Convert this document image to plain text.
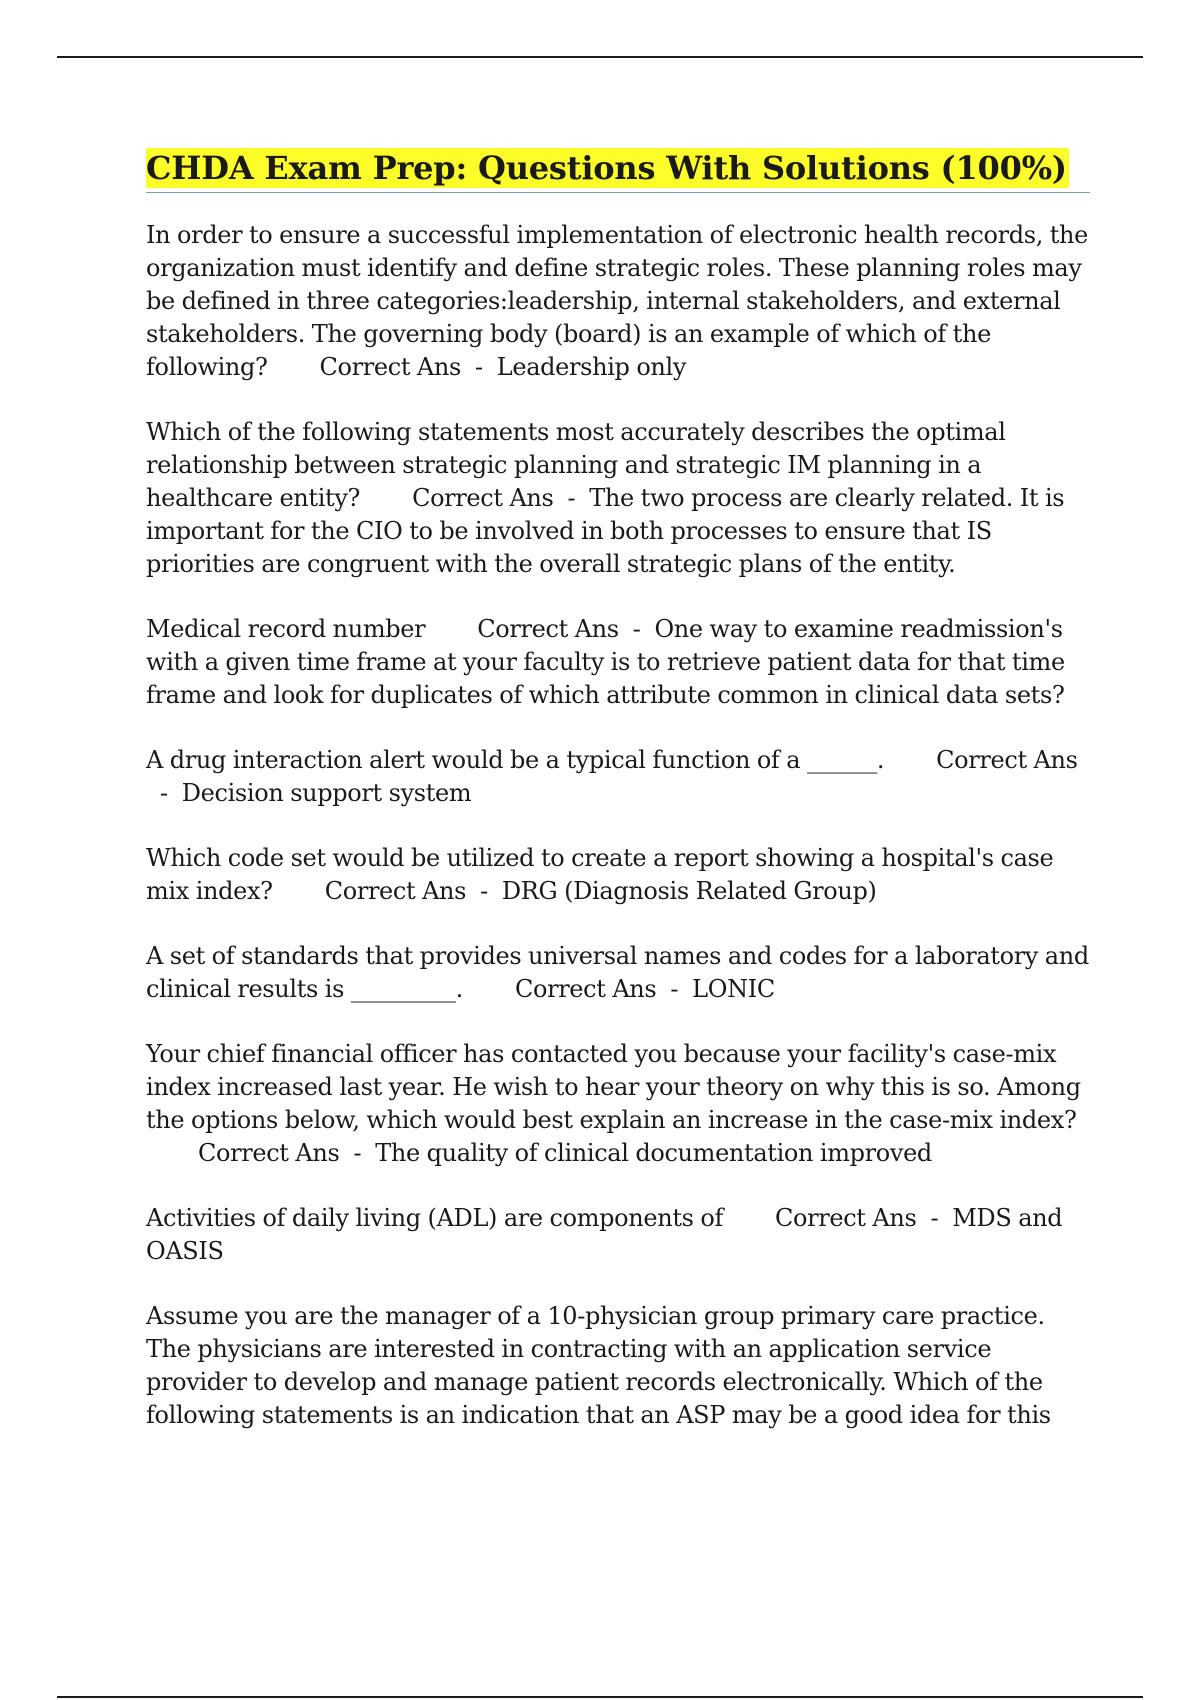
CHDA Exam Prep: Questions With Solutions (100%)

In order to ensure a successful implementation of electronic health records, the organization must identify and define strategic roles. These planning roles may be defined in three categories:leadership, internal stakeholders, and external stakeholders. The governing body (board) is an example of which of the following? Correct Ans - Leadership only

Which of the following statements most accurately describes the optimal relationship between strategic planning and strategic IM planning in a healthcare entity? Correct Ans - The two process are clearly related. It is important for the CIO to be involved in both processes to ensure that IS priorities are congruent with the overall strategic plans of the entity.

Medical record number Correct Ans - One way to examine readmission's with a given time frame at your faculty is to retrieve patient data for that time frame and look for duplicates of which attribute common in clinical data sets?

A drug interaction alert would be a typical function of a ______. Correct Ans- Decision support system

Which code set would be utilized to create a report showing a hospital's case mix index? Correct Ans - DRG (Diagnosis Related Group)

A set of standards that provides universal names and codes for a laboratory and clinical results is _________. Correct Ans - LONIC

Your chief financial officer has contacted you because your facility's case-mix index increased last year. He wish to hear your theory on why this is so. Among the options below, which would best explain an increase in the case-mix index?Correct Ans - The quality of clinical documentation improved

Activities of daily living (ADL) are components of Correct Ans - MDS and OASIS

Assume you are the manager of a 10-physician group primary care practice. The physicians are interested in contracting with an application service provider to develop and manage patient records electronically. Which of the following statements is an indication that an ASP may be a good idea for this
